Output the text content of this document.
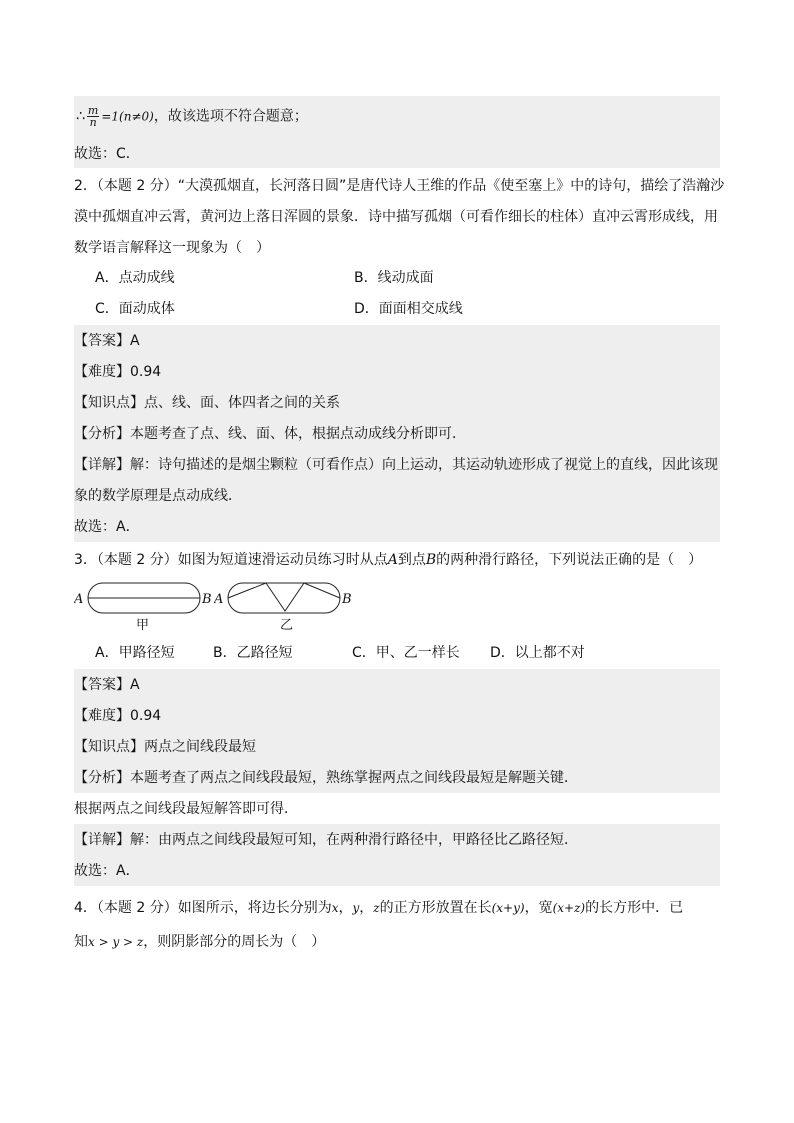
∴ $\frac{m}{n} =1(n\ne 0)$，故该选项不符合题意；
故选：C．
2．（本题 2 分）“大漠孤烟直，长河落日圆”是唐代诗人王维的作品《使至塞上》中的诗句，描绘了浩瀚沙
漠中孤烟直冲云霄，黄河边上落日浑圆的景象．诗中描写孤烟（可看作细长的柱体）直冲云霄形成线，用
数学语言解释这一现象为（　）
A．点动成线	B．线动成面
C．面动成体	D．面面相交成线
【答案】A
【难度】0.94
【知识点】点、线、面、体四者之间的关系
【分析】本题考查了点、线、面、体，根据点动成线分析即可．
【详解】解：诗句描述的是烟尘颗粒（可看作点）向上运动，其运动轨迹形成了视觉上的直线，因此该现
象的数学原理是点动成线．
故选：A．
3．（本题 2 分）如图为短道速滑运动员练习时从点A到点B的两种滑行路径，下列说法正确的是（　）
A	B
甲
A	B
乙
A．甲路径短	B．乙路径短	C．甲、乙一样长 D．以上都不对
【答案】A
【难度】0.94
【知识点】两点之间线段最短
【分析】本题考查了两点之间线段最短，熟练掌握两点之间线段最短是解题关键．
根据两点之间线段最短解答即可得．
【详解】解：由两点之间线段最短可知，在两种滑行路径中，甲路径比乙路径短．
故选：A．
4．（本题 2 分）如图所示，将边长分别为x，y，z的正方形放置在长(x+y)，宽(x+z)的长方形中．已
知x > y > z，则阴影部分的周长为（　）
